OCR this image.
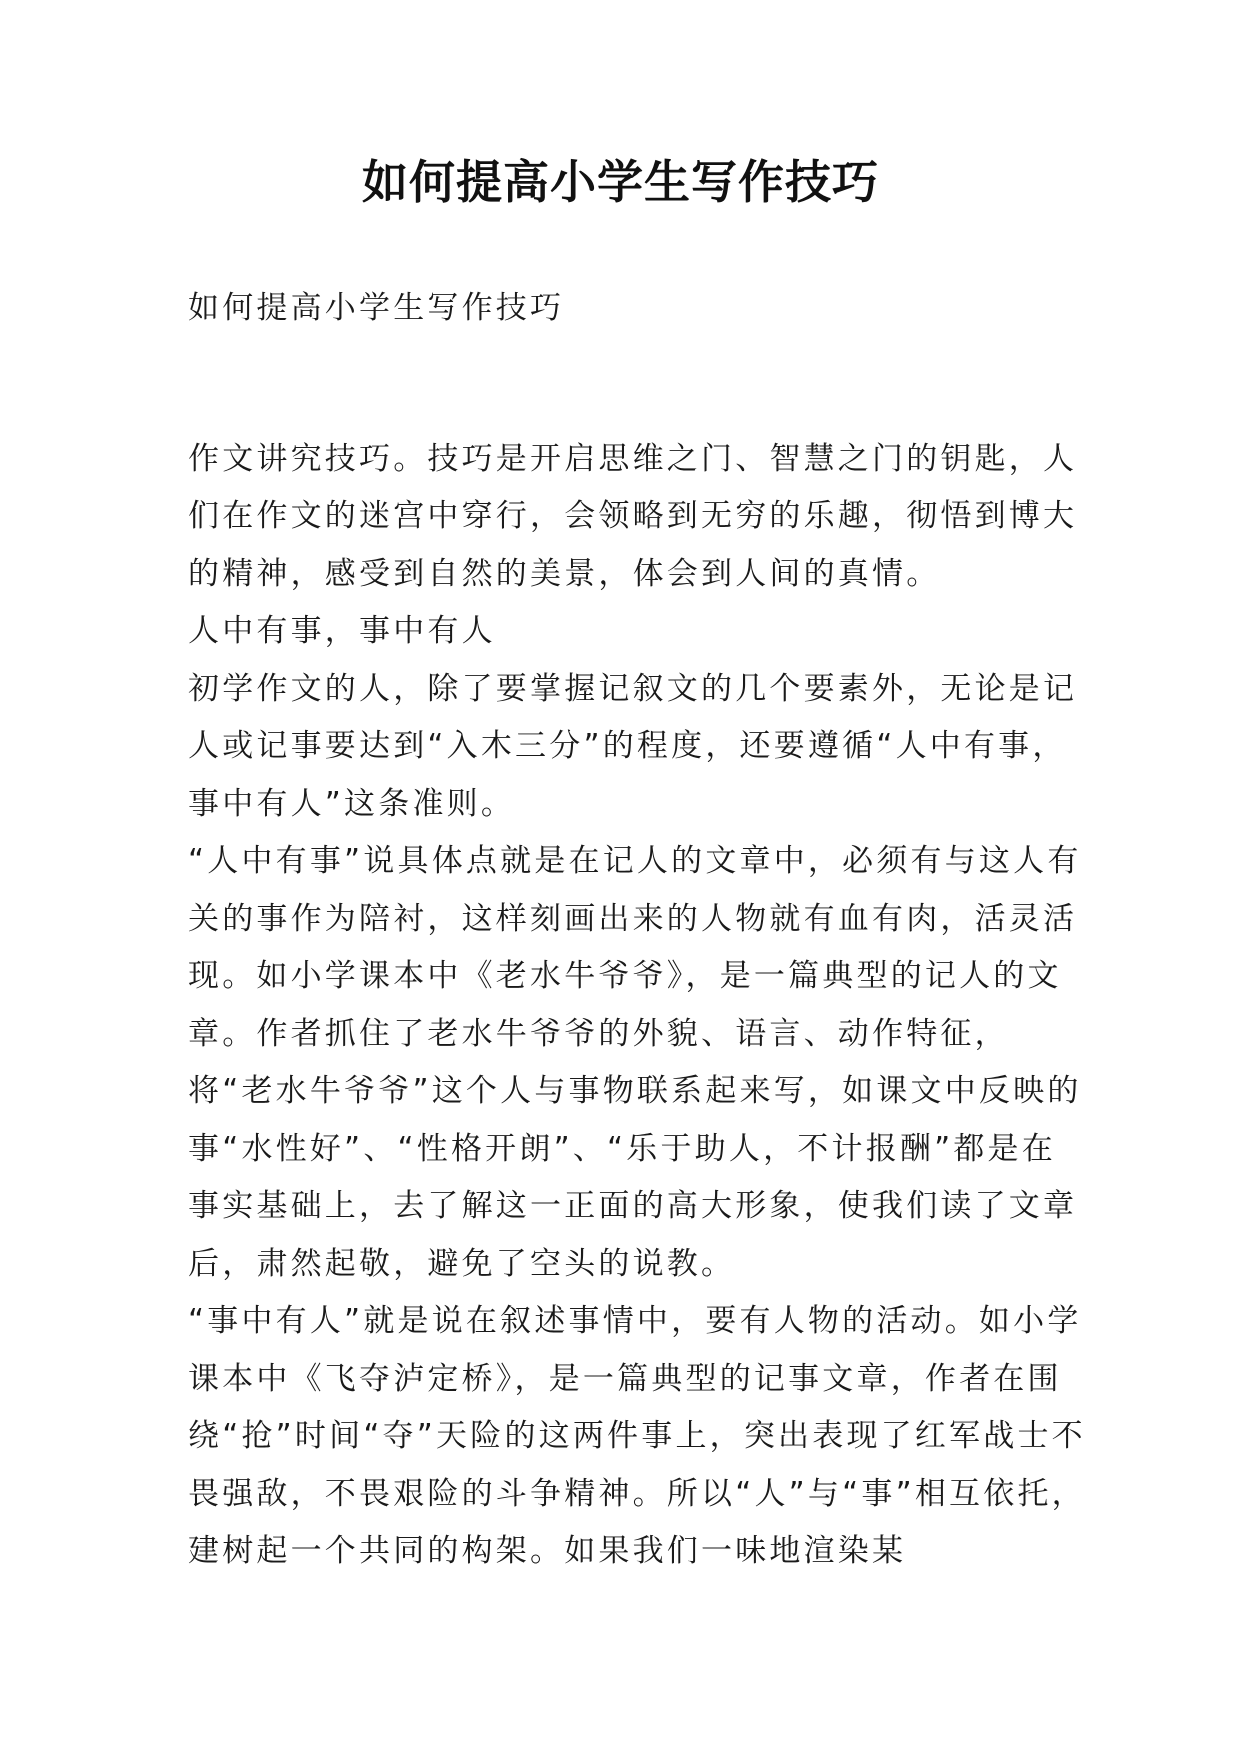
如何提高小学生写作技巧

如何提高小学生写作技巧

作文讲究技巧。技巧是开启思维之门、智慧之门的钥匙，人们在作文的迷宫中穿行，会领略到无穷的乐趣，彻悟到博大的精神，感受到自然的美景，体会到人间的真情。

人中有事，事中有人

初学作文的人，除了要掌握记叙文的几个要素外，无论是记人或记事要达到“入木三分”的程度，还要遵循“人中有事，事中有人”这条准则。

“人中有事”说具体点就是在记人的文章中，必须有与这人有关的事作为陪衬，这样刻画出来的人物就有血有肉，活灵活现。如小学课本中《老水牛爷爷》，是一篇典型的记人的文章。作者抓住了老水牛爷爷的外貌、语言、动作特征，将“老水牛爷爷”这个人与事物联系起来写，如课文中反映的事“水性好”、“性格开朗”、“乐于助人，不计报酬”都是在事实基础上，去了解这一正面的高大形象，使我们读了文章后，肃然起敬，避免了空头的说教。

“事中有人”就是说在叙述事情中，要有人物的活动。如小学课本中《飞夺泸定桥》，是一篇典型的记事文章，作者在围绕“抢”时间“夺”天险的这两件事上，突出表现了红军战士不畏强敌，不畏艰险的斗争精神。所以“人”与“事”相互依托，建树起一个共同的构架。如果我们一味地渲染某
